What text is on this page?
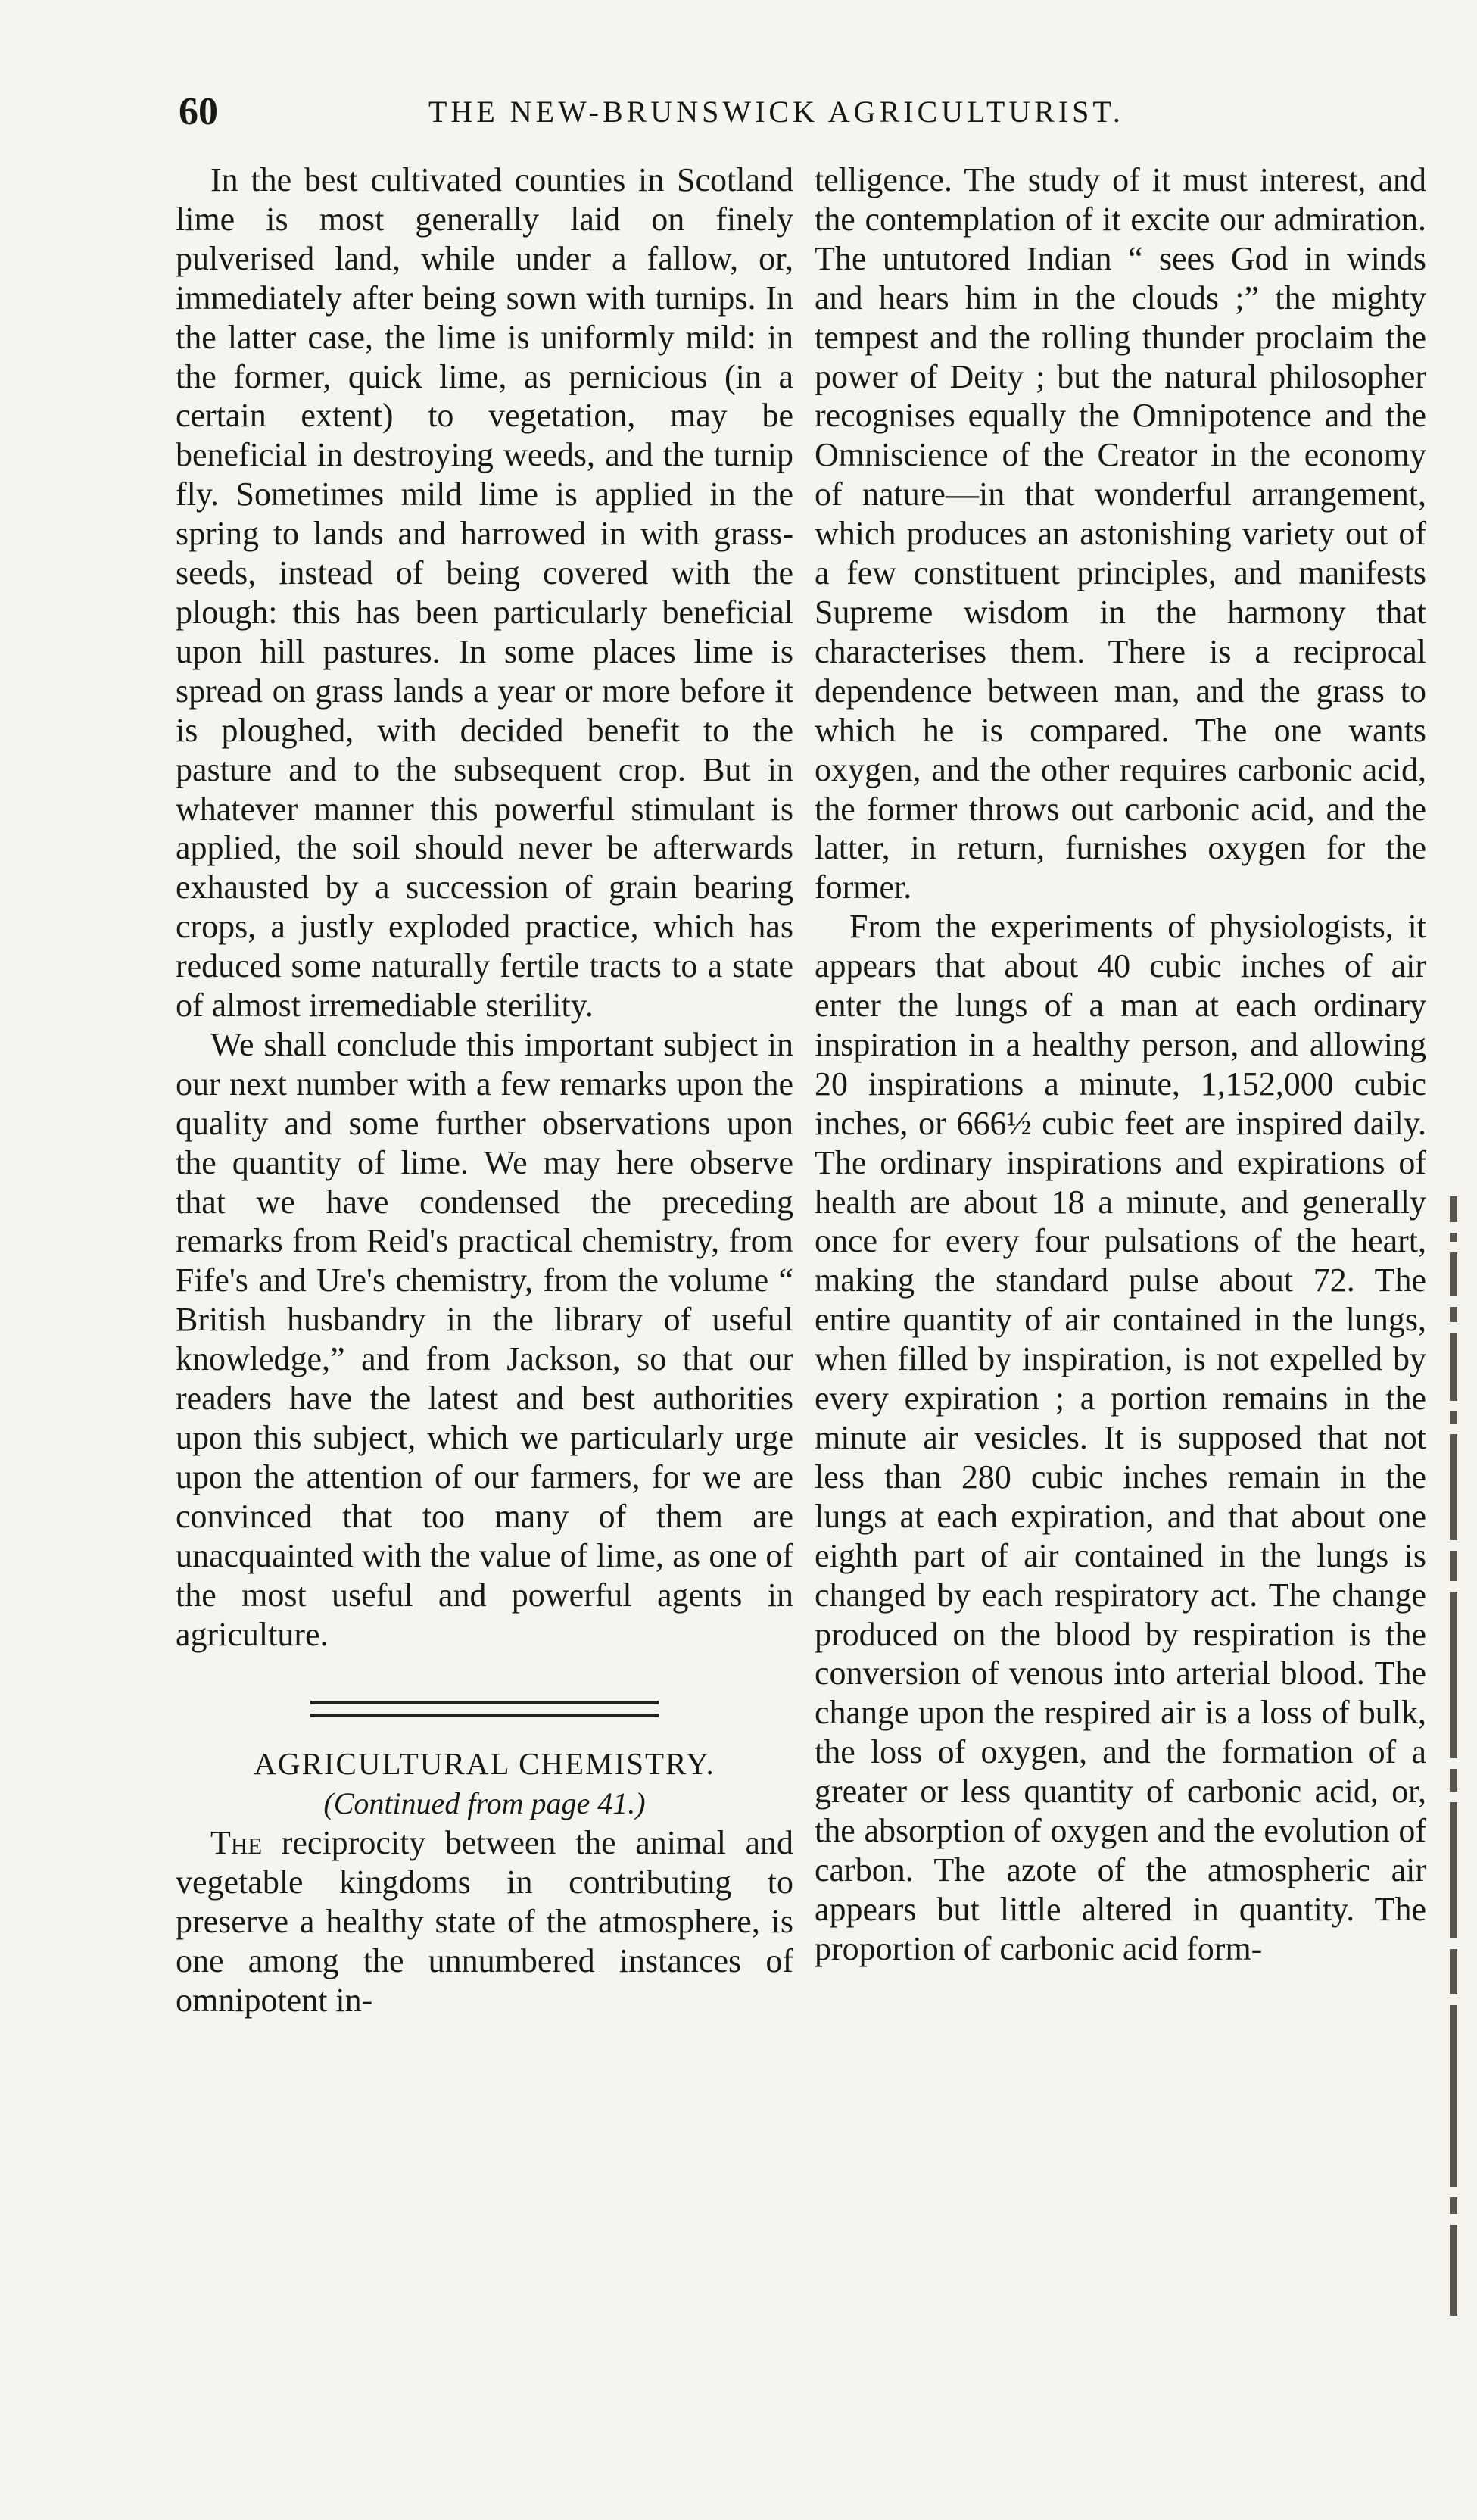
60	THE NEW-BRUNSWICK AGRICULTURIST.

In the best cultivated counties in Scotland lime is most generally laid on finely pulverised land, while under a fallow, or, immediately after being sown with turnips. In the latter case, the lime is uniformly mild: in the former, quick lime, as pernicious (in a certain extent) to vegetation, may be beneficial in destroying weeds, and the turnip fly. Sometimes mild lime is applied in the spring to lands and harrowed in with grass-seeds, instead of being covered with the plough: this has been particularly beneficial upon hill pastures. In some places lime is spread on grass lands a year or more before it is ploughed, with decided benefit to the pasture and to the subsequent crop. But in whatever manner this powerful stimulant is applied, the soil should never be afterwards exhausted by a succession of grain bearing crops, a justly exploded practice, which has reduced some naturally fertile tracts to a state of almost irremediable sterility.

We shall conclude this important subject in our next number with a few remarks upon the quality and some further observations upon the quantity of lime. We may here observe that we have condensed the preceding remarks from Reid's practical chemistry, from Fife's and Ure's chemistry, from the volume “ British husbandry in the library of useful knowledge,” and from Jackson, so that our readers have the latest and best authorities upon this subject, which we particularly urge upon the attention of our farmers, for we are convinced that too many of them are unacquainted with the value of lime, as one of the most useful and powerful agents in agriculture.

AGRICULTURAL CHEMISTRY.

(Continued from page 41.)

The reciprocity between the animal and vegetable kingdoms in contributing to preserve a healthy state of the atmosphere, is one among the unnumbered instances of omnipotent in-

telligence. The study of it must interest, and the contemplation of it excite our admiration. The untutored Indian “ sees God in winds and hears him in the clouds ;” the mighty tempest and the rolling thunder proclaim the power of Deity ; but the natural philosopher recognises equally the Omnipotence and the Omniscience of the Creator in the economy of nature—in that wonderful arrangement, which produces an astonishing variety out of a few constituent principles, and manifests Supreme wisdom in the harmony that characterises them. There is a reciprocal dependence between man, and the grass to which he is compared. The one wants oxygen, and the other requires carbonic acid, the former throws out carbonic acid, and the latter, in return, furnishes oxygen for the former.

From the experiments of physiologists, it appears that about 40 cubic inches of air enter the lungs of a man at each ordinary inspiration in a healthy person, and allowing 20 inspirations a minute, 1,152,000 cubic inches, or 666½ cubic feet are inspired daily. The ordinary inspirations and expirations of health are about 18 a minute, and generally once for every four pulsations of the heart, making the standard pulse about 72. The entire quantity of air contained in the lungs, when filled by inspiration, is not expelled by every expiration ; a portion remains in the minute air vesicles. It is supposed that not less than 280 cubic inches remain in the lungs at each expiration, and that about one eighth part of air contained in the lungs is changed by each respiratory act. The change produced on the blood by respiration is the conversion of venous into arterial blood. The change upon the respired air is a loss of bulk, the loss of oxygen, and the formation of a greater or less quantity of carbonic acid, or, the absorption of oxygen and the evolution of carbon. The azote of the atmospheric air appears but little altered in quantity. The proportion of carbonic acid form-
